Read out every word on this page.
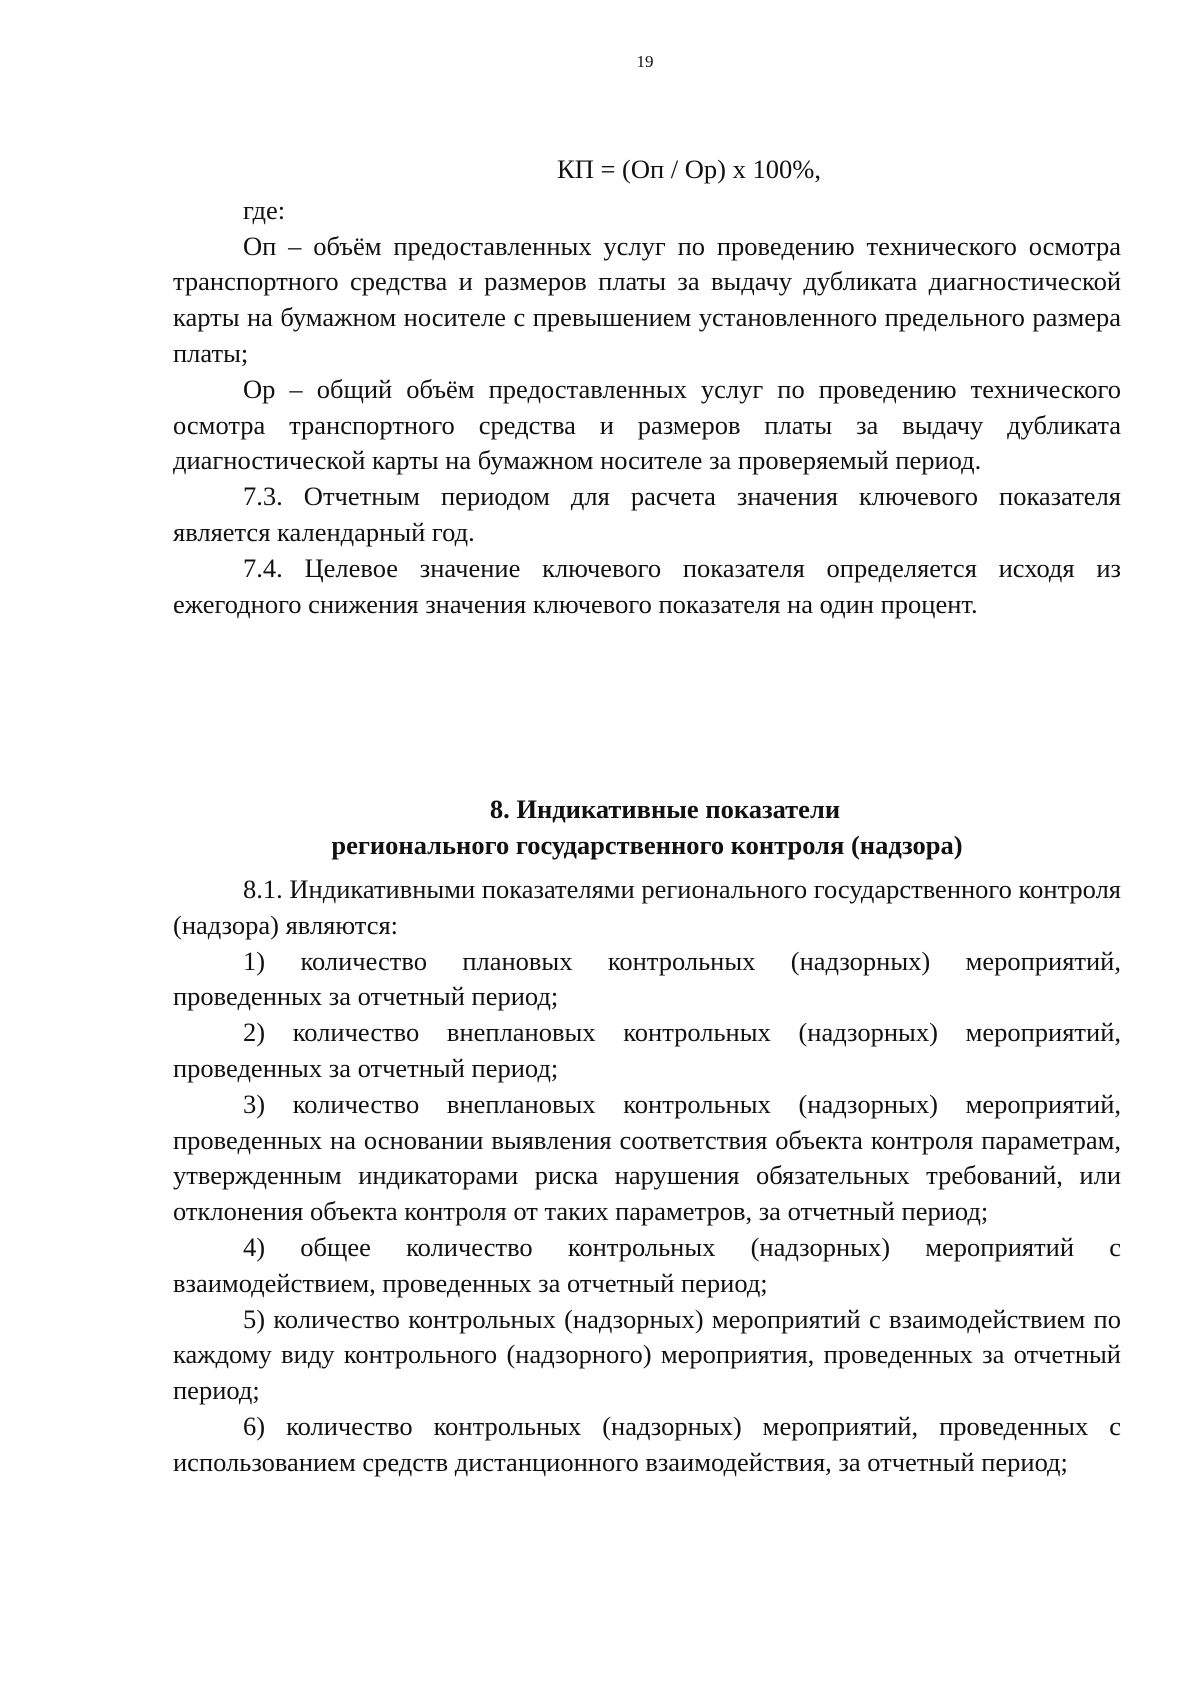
19
КП = (Оп / Ор) x 100%,

где:

Оп – объём предоставленных услуг по проведению технического осмотра транспортного средства и размеров платы за выдачу дубликата диагностической карты на бумажном носителе с превышением установленного предельного размера платы;

Ор – общий объём предоставленных услуг по проведению технического осмотра транспортного средства и размеров платы за выдачу дубликата диагностической карты на бумажном носителе за проверяемый период.

7.3. Отчетным периодом для расчета значения ключевого показателя является календарный год.

7.4. Целевое значение ключевого показателя определяется исходя из ежегодного снижения значения ключевого показателя на один процент.

8. Индикативные показатели
регионального государственного контроля (надзора)

8.1. Индикативными показателями регионального государственного контроля (надзора) являются:

1) количество плановых контрольных (надзорных) мероприятий, проведенных за отчетный период;

2) количество внеплановых контрольных (надзорных) мероприятий, проведенных за отчетный период;

3) количество внеплановых контрольных (надзорных) мероприятий, проведенных на основании выявления соответствия объекта контроля параметрам, утвержденным индикаторами риска нарушения обязательных требований, или отклонения объекта контроля от таких параметров, за отчетный период;

4) общее количество контрольных (надзорных) мероприятий с взаимодействием, проведенных за отчетный период;

5) количество контрольных (надзорных) мероприятий с взаимодействием по каждому виду контрольного (надзорного) мероприятия, проведенных за отчетный период;

6) количество контрольных (надзорных) мероприятий, проведенных с использованием средств дистанционного взаимодействия, за отчетный период;
